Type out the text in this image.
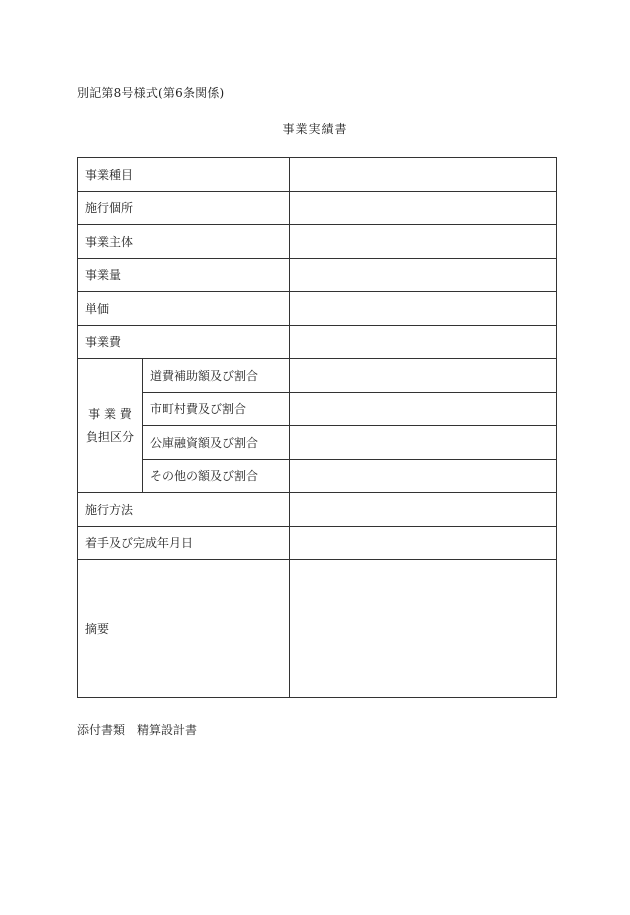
別記第8号様式(第6条関係)
事業実績書
事業種目		
施行個所		
事業主体		
事業量		
単価		
事業費		

事 業 費
負担区分	道費補助額及び割合	
	市町村費及び割合	
	公庫融資額及び割合	
	その他の額及び割合	
施行方法		
着手及び完成年月日		
摘要		
添付書類　精算設計書
